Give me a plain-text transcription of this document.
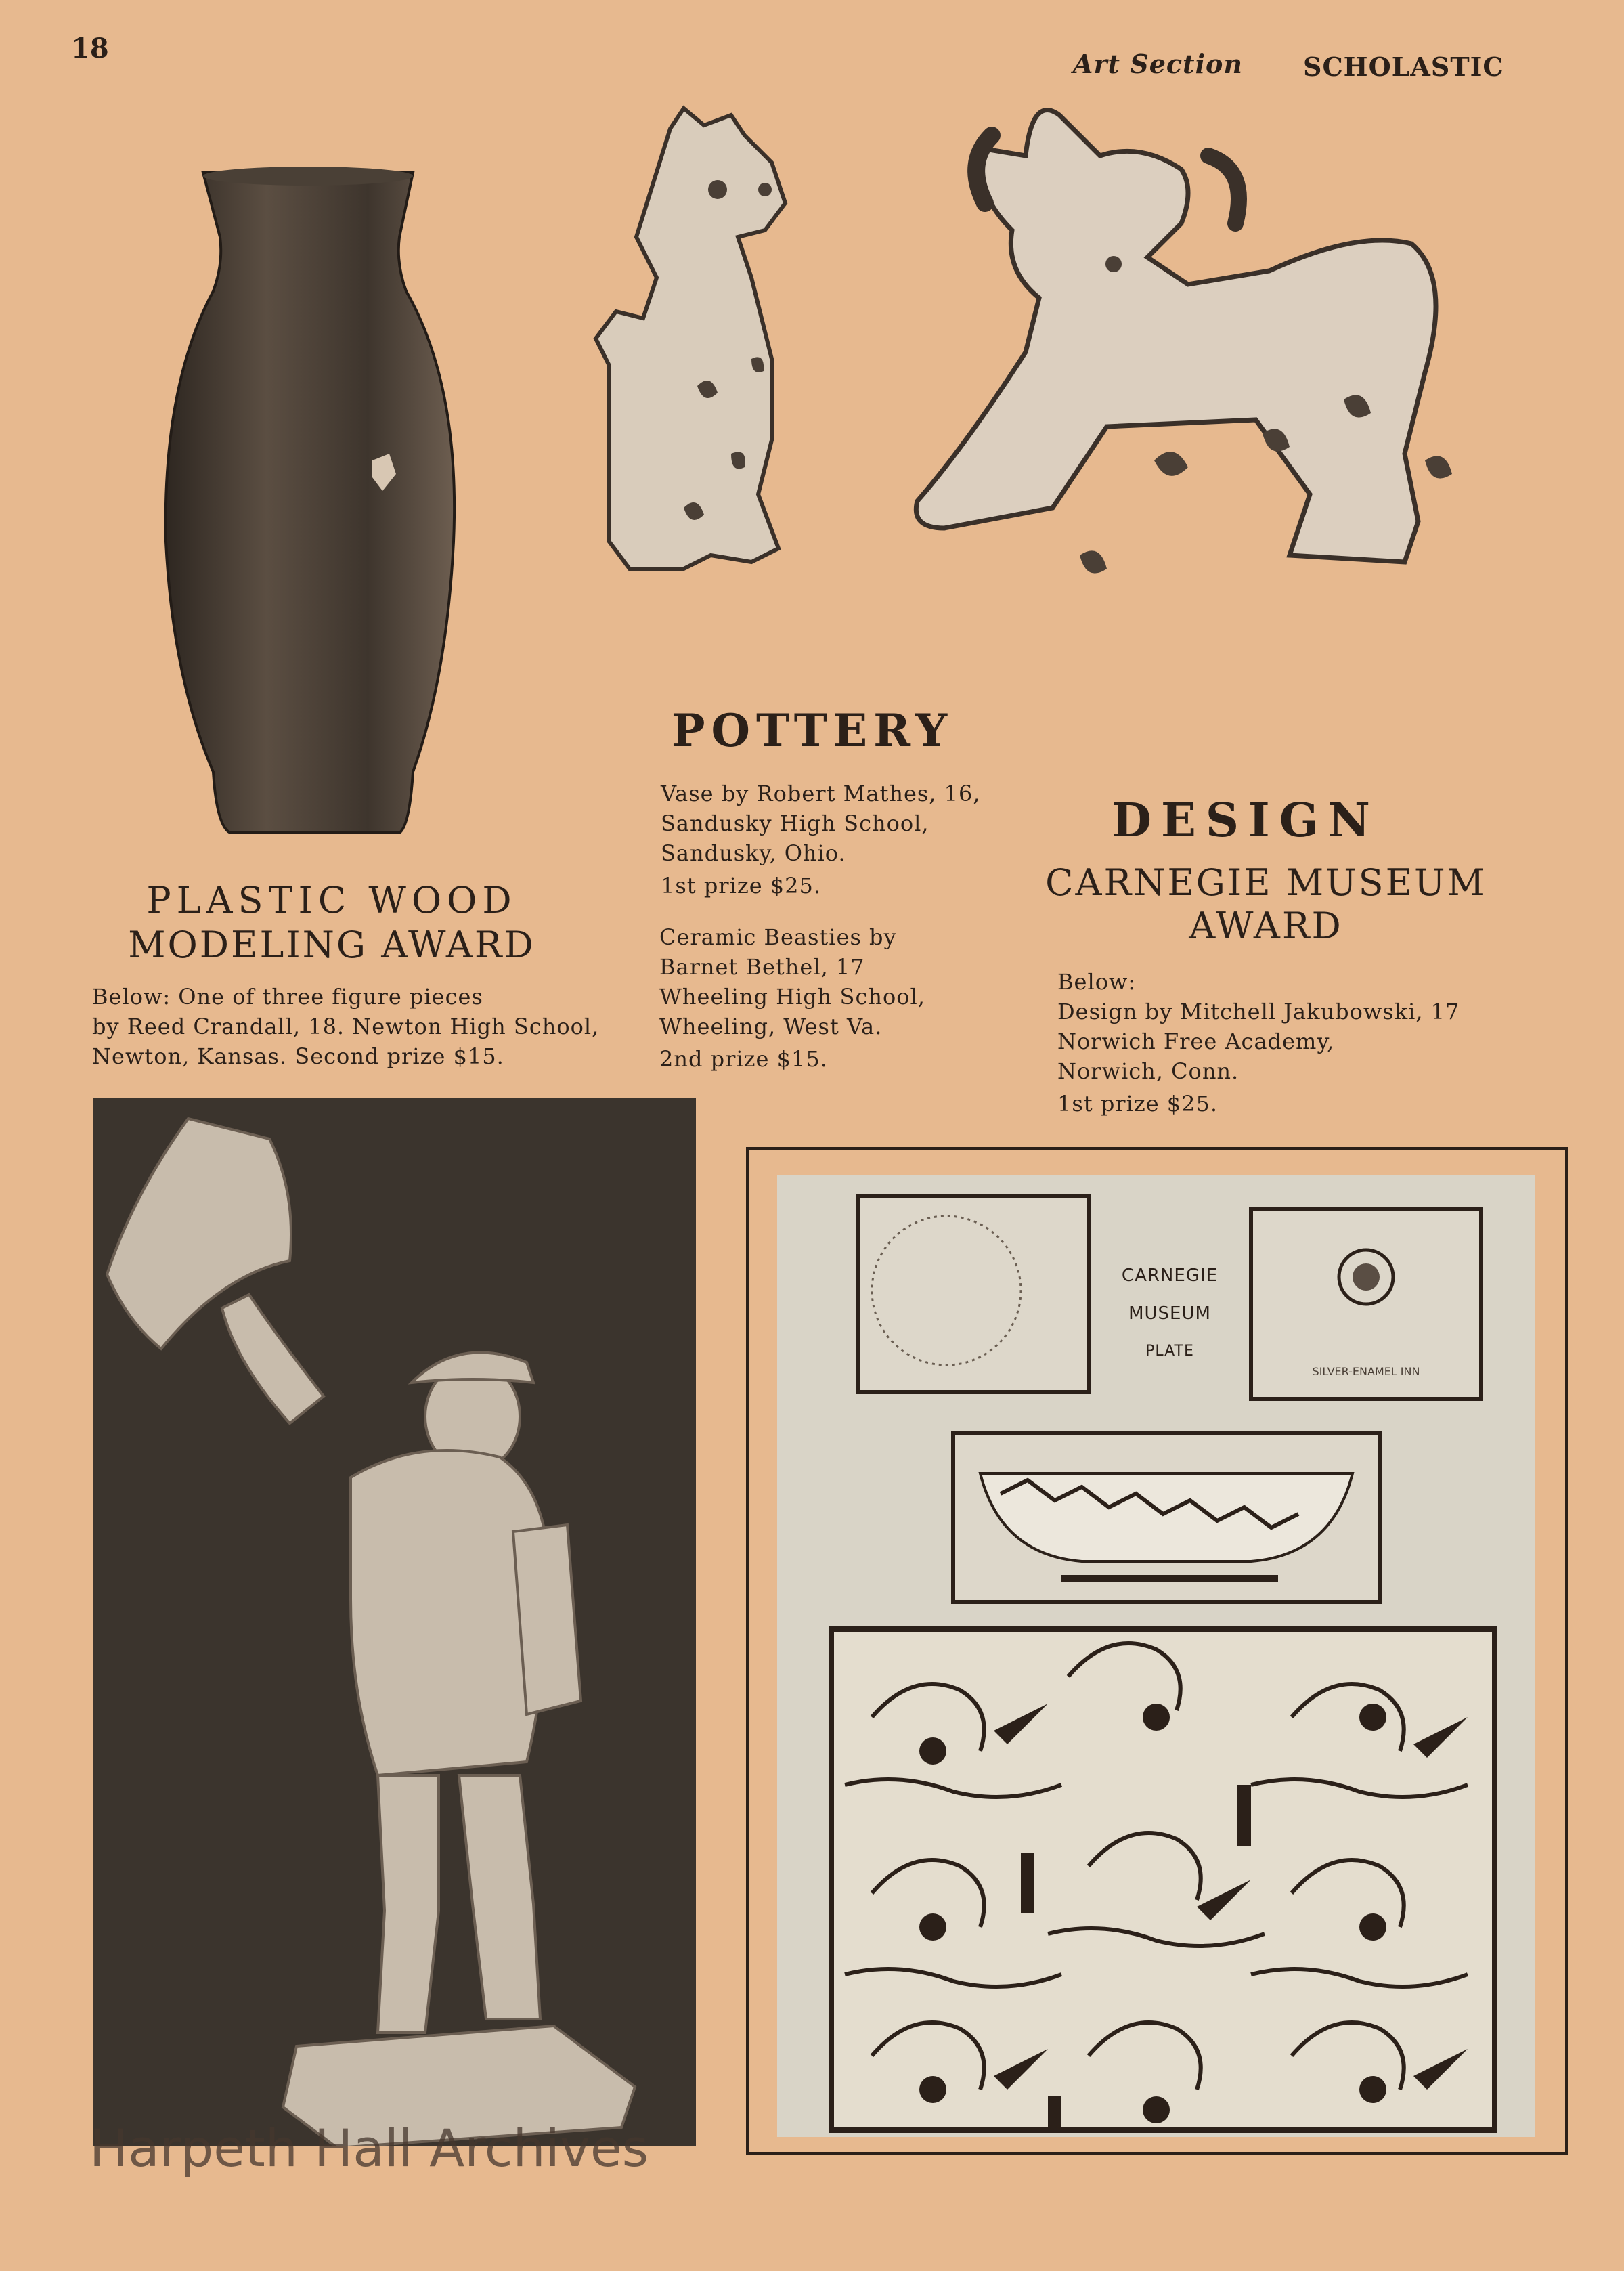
18	Art Section SCHOLASTIC
PLASTIC WOOD
MODELING AWARD
Below: One of three figure pieces
by Reed Crandall, 18. Newton High School,
Newton, Kansas. Second prize $15.
POTTERY
Vase by Robert Mathes, 16,
Sandusky High School,
Sandusky, Ohio.
1st prize $25.
Ceramic Beasties by
Barnet Bethel, 17
Wheeling High School,
Wheeling, West Va.
2nd prize $15.
DESIGN
CARNEGIE MUSEUM
AWARD
Below:
Design by Mitchell Jakubowski, 17
Norwich Free Academy,
Norwich, Conn.
1st prize $25.
CARNEGIE
MUSEUM
PLATE
SILVER-ENAMEL INN
Harpeth Hall Archives
